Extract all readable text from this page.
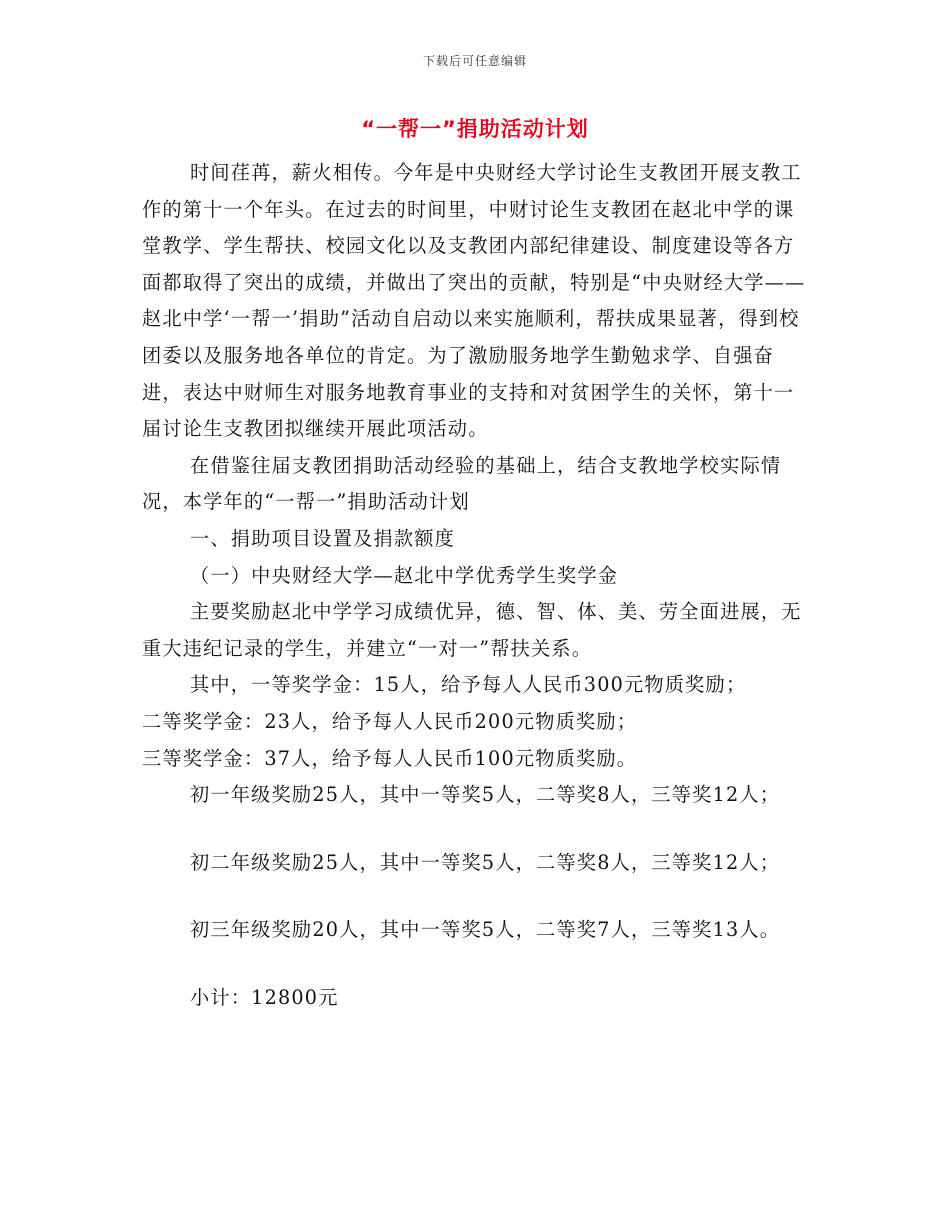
下载后可任意编辑
“一帮一”捐助活动计划

时间荏苒，薪火相传。今年是中央财经大学讨论生支教团开展支教工作的第十一个年头。在过去的时间里，中财讨论生支教团在赵北中学的课堂教学、学生帮扶、校园文化以及支教团内部纪律建设、制度建设等各方面都取得了突出的成绩，并做出了突出的贡献，特别是“中央财经大学——赵北中学‘一帮一’捐助”活动自启动以来实施顺利，帮扶成果显著，得到校团委以及服务地各单位的肯定。为了激励服务地学生勤勉求学、自强奋进，表达中财师生对服务地教育事业的支持和对贫困学生的关怀，第十一届讨论生支教团拟继续开展此项活动。

在借鉴往届支教团捐助活动经验的基础上，结合支教地学校实际情况，本学年的“一帮一”捐助活动计划

一、捐助项目设置及捐款额度

（一）中央财经大学—赵北中学优秀学生奖学金

主要奖励赵北中学学习成绩优异，德、智、体、美、劳全面进展，无重大违纪记录的学生，并建立“一对一”帮扶关系。

其中，一等奖学金：15人，给予每人人民币300元物质奖励；

二等奖学金：23人，给予每人人民币200元物质奖励；

三等奖学金：37人，给予每人人民币100元物质奖励。

初一年级奖励25人，其中一等奖5人，二等奖8人，三等奖12人；

初二年级奖励25人，其中一等奖5人，二等奖8人，三等奖12人；

初三年级奖励20人，其中一等奖5人，二等奖7人，三等奖13人。

小计：12800元
